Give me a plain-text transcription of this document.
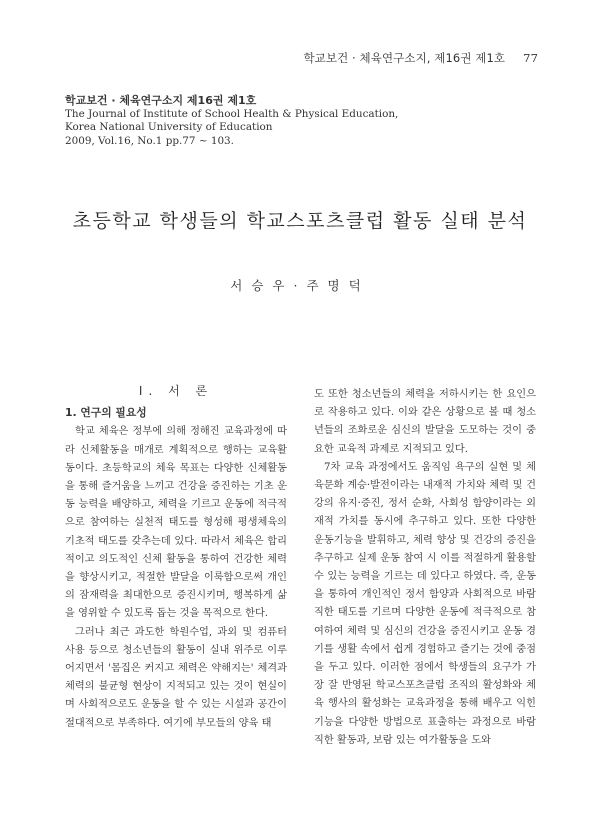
학교보건 · 체육연구소지, 제16권 제1호 77
학교보건 · 체육연구소지 제16권 제1호
The Journal of Institute of School Health & Physical Education,
Korea National University of Education
2009, Vol.16, No.1 pp.77 ~ 103.
초등학교 학생들의 학교스포츠클럽 활동 실태 분석
서승우·주명덕
Ⅰ. 서 론
1. 연구의 필요성

학교 체육은 정부에 의해 정해진 교육과정에 따라 신체활동을 매개로 계획적으로 행하는 교육활동이다. 초등학교의 체육 목표는 다양한 신체활동을 통해 즐거움을 느끼고 건강을 증진하는 기초 운동 능력을 배양하고, 체력을 기르고 운동에 적극적으로 참여하는 실천적 태도를 형성해 평생체육의 기초적 태도를 갖추는데 있다. 따라서 체육은 합리적이고 의도적인 신체 활동을 통하여 건강한 체력을 향상시키고, 적절한 발달을 이룩함으로써 개인의 잠재력을 최대한으로 증진시키며, 행복하게 삶을 영위할 수 있도록 돕는 것을 목적으로 한다.

그러나 최근 과도한 학원수업, 과외 및 컴퓨터 사용 등으로 청소년들의 활동이 실내 위주로 이루어지면서 '몸집은 커지고 체력은 약해지는' 체격과 체력의 불균형 현상이 지적되고 있는 것이 현실이며 사회적으로도 운동을 할 수 있는 시설과 공간이 절대적으로 부족하다. 여기에 부모들의 양육 태

도 또한 청소년들의 체력을 저하시키는 한 요인으로 작용하고 있다. 이와 같은 상황으로 볼 때 청소년들의 조화로운 심신의 발달을 도모하는 것이 중요한 교육적 과제로 지적되고 있다.

7차 교육 과정에서도 움직임 욕구의 실현 및 체육문화 계승·발전이라는 내재적 가치와 체력 및 건강의 유지·증진, 정서 순화, 사회성 함양이라는 외재적 가치를 동시에 추구하고 있다. 또한 다양한 운동기능을 발휘하고, 체력 향상 및 건강의 증진을 추구하고 실제 운동 참여 시 이를 적절하게 활용할 수 있는 능력을 기르는 데 있다고 하였다. 즉, 운동을 통하여 개인적인 정서 함양과 사회적으로 바람직한 태도를 기르며 다양한 운동에 적극적으로 참여하여 체력 및 심신의 건강을 증진시키고 운동 경기를 생활 속에서 쉽게 경험하고 즐기는 것에 중점을 두고 있다. 이러한 점에서 학생들의 요구가 가장 잘 반영된 학교스포츠클럽 조직의 활성화와 체육 행사의 활성화는 교육과정을 통해 배우고 익힌 기능을 다양한 방법으로 표출하는 과정으로 바람직한 활동과, 보람 있는 여가활동을 도와
